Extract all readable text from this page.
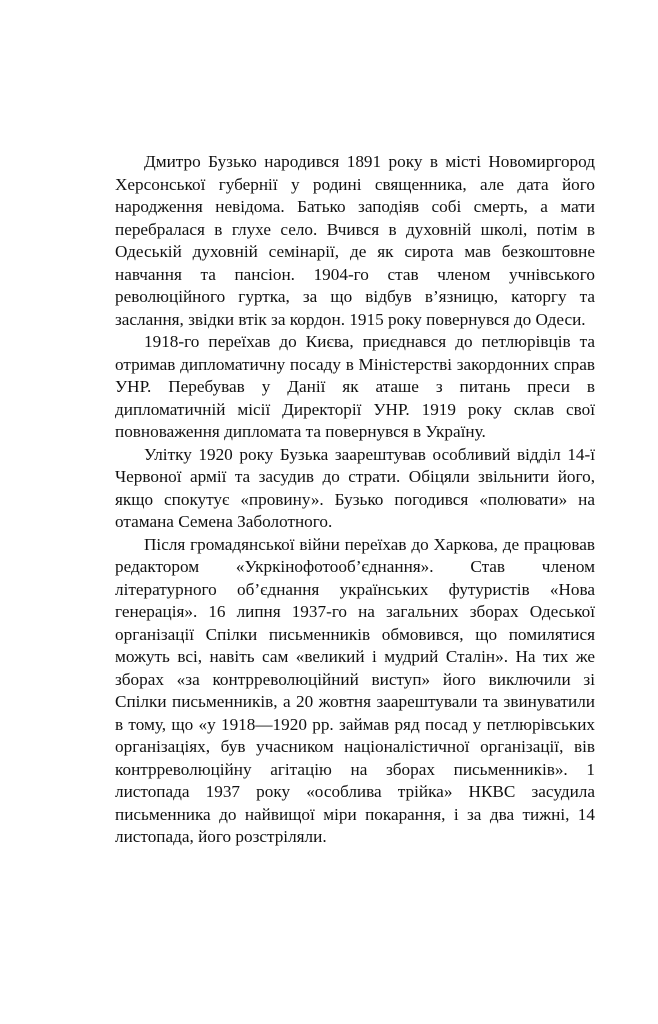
Дмитро Бузько народився 1891 року в місті Новомиргород Херсонської губернії у родині священника, але дата його народження невідома. Батько заподіяв собі смерть, а мати перебралася в глухе село. Вчився в духовній школі, потім в Одеській духовній семінарії, де як сирота мав безкоштовне навчання та пансіон. 1904-го став членом учнівського революційного гуртка, за що відбув в’язницю, каторгу та заслання, звідки втік за кордон. 1915 року повернувся до Одеси.

1918-го переїхав до Києва, приєднався до петлюрівців та отримав дипломатичну посаду в Міністерстві закордонних справ УНР. Перебував у Данії як аташе з питань преси в дипломатичній місії Директорії УНР. 1919 року склав свої повноваження дипломата та повернувся в Україну.

Улітку 1920 року Бузька заарештував особливий відділ 14-ї Червоної армії та засудив до страти. Обіцяли звільнити його, якщо спокутує «провину». Бузько погодився «полювати» на отамана Семена Заболотного.

Після громадянської війни переїхав до Харкова, де працював редактором «Укркінофотооб’єднання». Став членом літературного об’єднання українських футуристів «Нова генерація». 16 липня 1937-го на загальних зборах Одеської організації Спілки письменників обмовився, що помилятися можуть всі, навіть сам «великий і мудрий Сталін». На тих же зборах «за контрреволюційний виступ» його виключили зі Спілки письменників, а 20 жовтня заарештували та звинуватили в тому, що «у 1918—1920 рр. займав ряд посад у петлюрівських організаціях, був учасником націоналістичної організації, вів контрреволюційну агітацію на зборах письменників». 1 листопада 1937 року «особлива трійка» НКВС засудила письменника до найвищої міри покарання, і за два тижні, 14 листопада, його розстріляли.
